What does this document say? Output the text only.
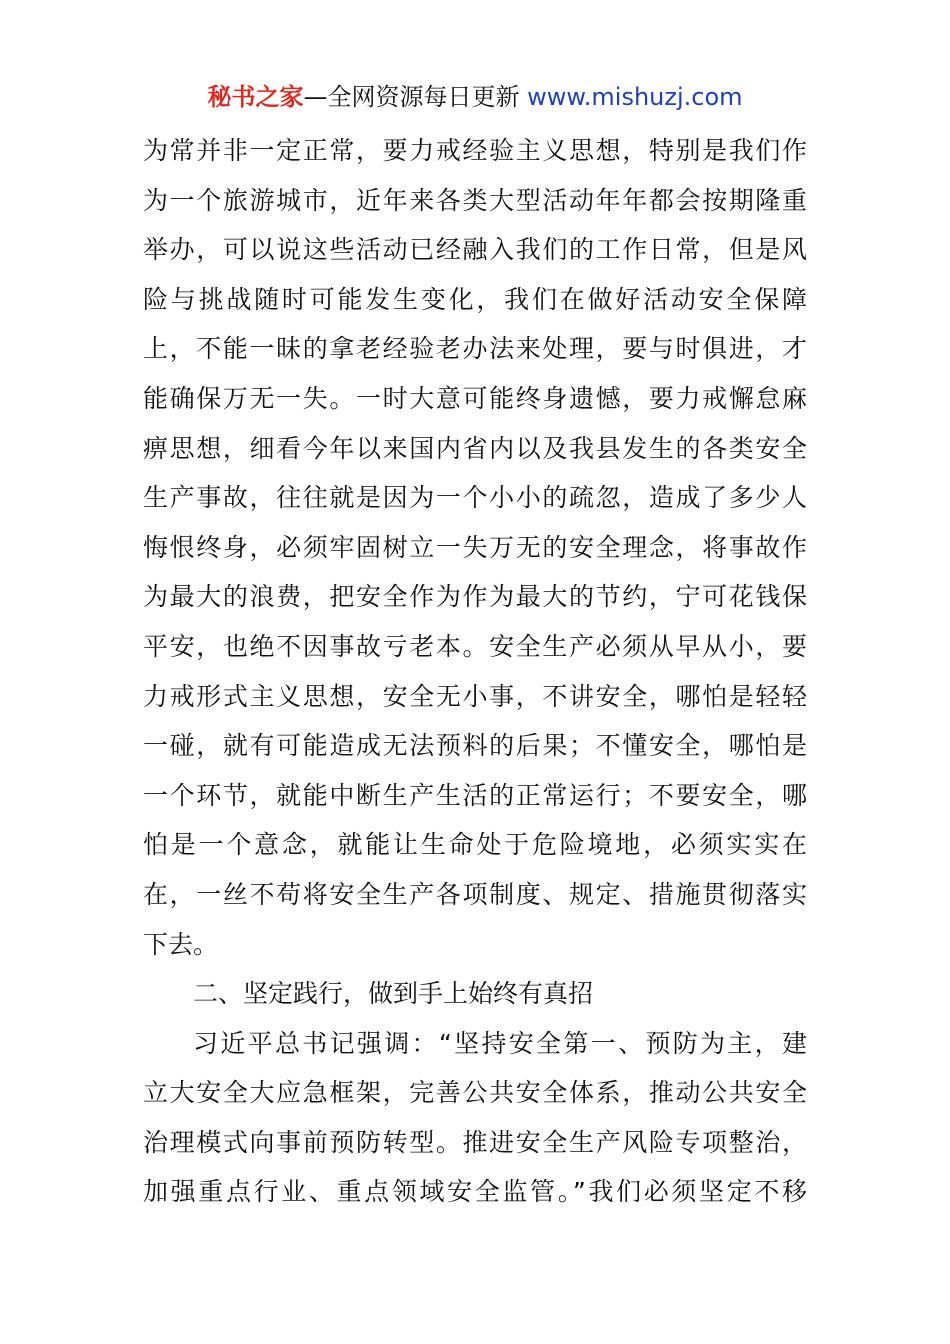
秘书之家—全网资源每日更新 www.mishuzj.com
为常并非一定正常，要力戒经验主义思想，特别是我们作
为一个旅游城市，近年来各类大型活动年年都会按期隆重
举办，可以说这些活动已经融入我们的工作日常，但是风
险与挑战随时可能发生变化，我们在做好活动安全保障
上，不能一昧的拿老经验老办法来处理，要与时俱进，才
能确保万无一失。一时大意可能终身遗憾，要力戒懈怠麻
痹思想，细看今年以来国内省内以及我县发生的各类安全
生产事故，往往就是因为一个小小的疏忽，造成了多少人
悔恨终身，必须牢固树立一失万无的安全理念，将事故作
为最大的浪费，把安全作为作为最大的节约，宁可花钱保
平安，也绝不因事故亏老本。安全生产必须从早从小，要
力戒形式主义思想，安全无小事，不讲安全，哪怕是轻轻
一碰，就有可能造成无法预料的后果；不懂安全，哪怕是
一个环节，就能中断生产生活的正常运行；不要安全，哪
怕是一个意念，就能让生命处于危险境地，必须实实在
在，一丝不苟将安全生产各项制度、规定、措施贯彻落实
下去。
二、坚定践行，做到手上始终有真招
习近平总书记强调：“坚持安全第一、预防为主，建
立大安全大应急框架，完善公共安全体系，推动公共安全
治理模式向事前预防转型。推进安全生产风险专项整治，
加强重点行业、重点领域安全监管。”我们必须坚定不移
